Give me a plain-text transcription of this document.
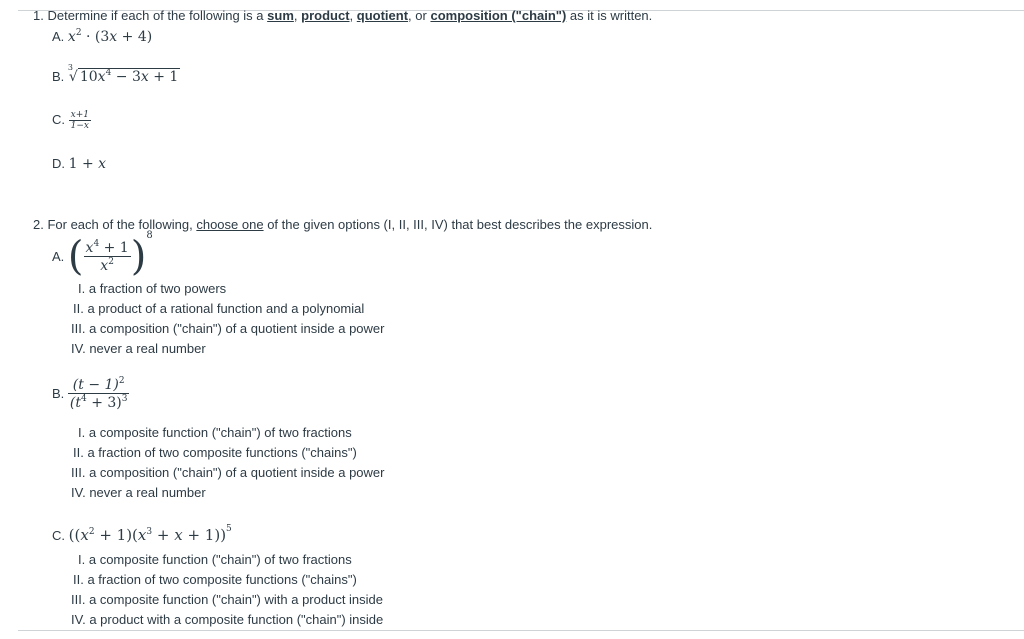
1. Determine if each of the following is a sum, product, quotient, or composition ("chain") as it is written.
A. $x^2 \cdot (3x + 4)$
B.
3
√ $10x^4 - 3x + 1$
C. $\frac{x+1}{1-x}$
D. 1 + x
2. For each of the following, choose one of the given options (I, II, III, IV) that best describes the expression.
A. ( $\frac{x^4 + 1}{x^2} )^8$
I. a fraction of two powers
II. a product of a rational function and a polynomial
III. a composition ("chain") of a quotient inside a power
IV. never a real number
B. $\frac{(t - 1)^2}{(t^4 + 3)^3}$
I. a composite function ("chain") of two fractions
II. a fraction of two composite functions ("chains")
III. a composition ("chain") of a quotient inside a power
IV. never a real number
C. $((x^2 + 1)(x^3 + x + 1))^5$
I. a composite function ("chain") of two fractions
II. a fraction of two composite functions ("chains")
III. a composite function ("chain") with a product inside
IV. a product with a composite function ("chain") inside
